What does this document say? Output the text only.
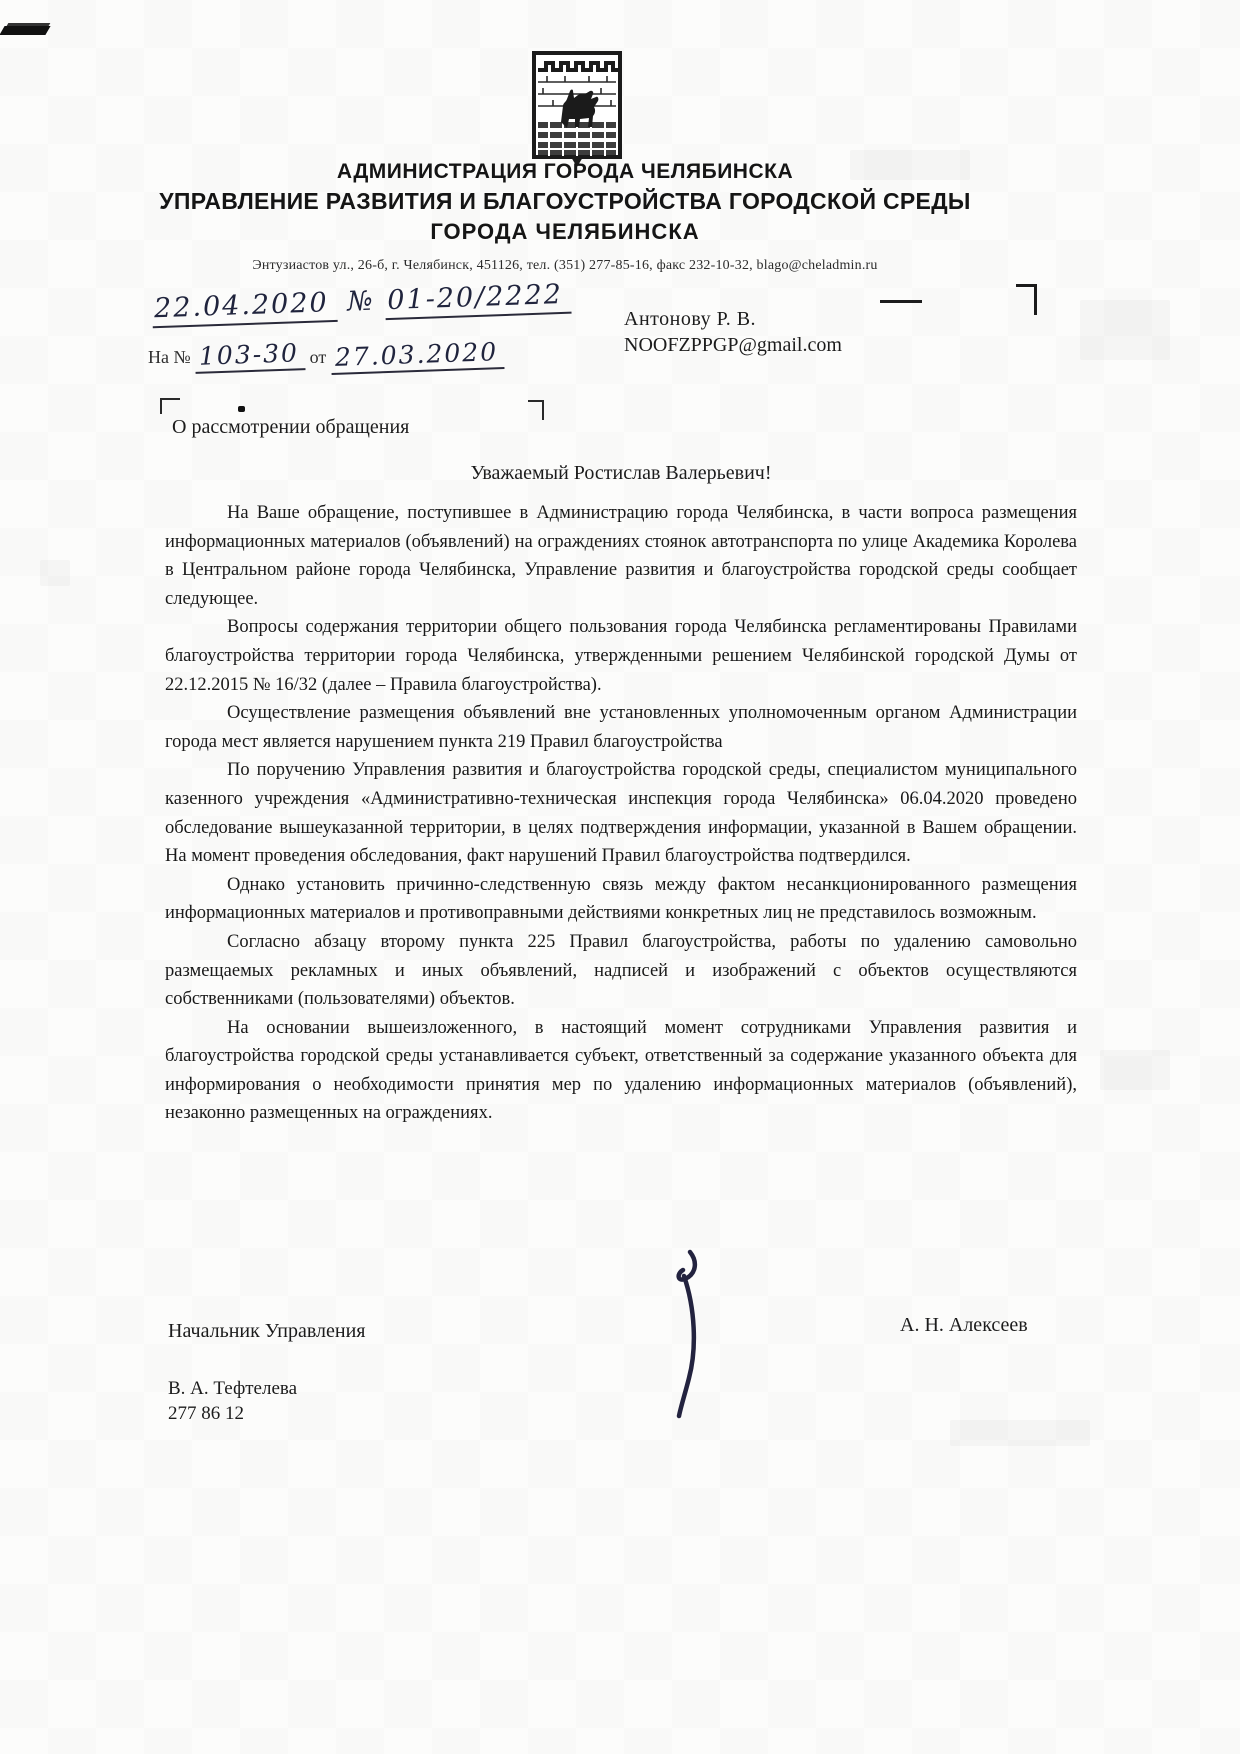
АДМИНИСТРАЦИЯ ГОРОДА ЧЕЛЯБИНСКА
УПРАВЛЕНИЕ РАЗВИТИЯ И БЛАГОУСТРОЙСТВА ГОРОДСКОЙ СРЕДЫ
ГОРОДА ЧЕЛЯБИНСКА
Энтузиастов ул., 26-б, г. Челябинск, 451126, тел. (351) 277-85-16, факс 232-10-32, blago@cheladmin.ru
22.04.2020 № 01-20/2222
На № 103-30 от 27.03.2020
Антонову Р. В.
NOOFZPPGP@gmail.com
О рассмотрении обращения
Уважаемый Ростислав Валерьевич!

На Ваше обращение, поступившее в Администрацию города Челябинска, в части вопроса размещения информационных материалов (объявлений) на ограждениях стоянок автотранспорта по улице Академика Королева в Центральном районе города Челябинска, Управление развития и благоустройства городской среды сообщает следующее.

Вопросы содержания территории общего пользования города Челябинска регламентированы Правилами благоустройства территории города Челябинска, утвержденными решением Челябинской городской Думы от 22.12.2015 № 16/32 (далее – Правила благоустройства).

Осуществление размещения объявлений вне установленных уполномоченным органом Администрации города мест является нарушением пункта 219 Правил благоустройства

По поручению Управления развития и благоустройства городской среды, специалистом муниципального казенного учреждения «Административно-техническая инспекция города Челябинска» 06.04.2020 проведено обследование вышеуказанной территории, в целях подтверждения информации, указанной в Вашем обращении. На момент проведения обследования, факт нарушений Правил благоустройства подтвердился.

Однако установить причинно-следственную связь между фактом несанкционированного размещения информационных материалов и противоправными действиями конкретных лиц не представилось возможным.

Согласно абзацу второму пункта 225 Правил благоустройства, работы по удалению самовольно размещаемых рекламных и иных объявлений, надписей и изображений с объектов осуществляются собственниками (пользователями) объектов.

На основании вышеизложенного, в настоящий момент сотрудниками Управления развития и благоустройства городской среды устанавливается субъект, ответственный за содержание указанного объекта для информирования о необходимости принятия мер по удалению информационных материалов (объявлений), незаконно размещенных на ограждениях.

Начальник Управления	А. Н. Алексеев
В. А. Тефтелева
277 86 12
